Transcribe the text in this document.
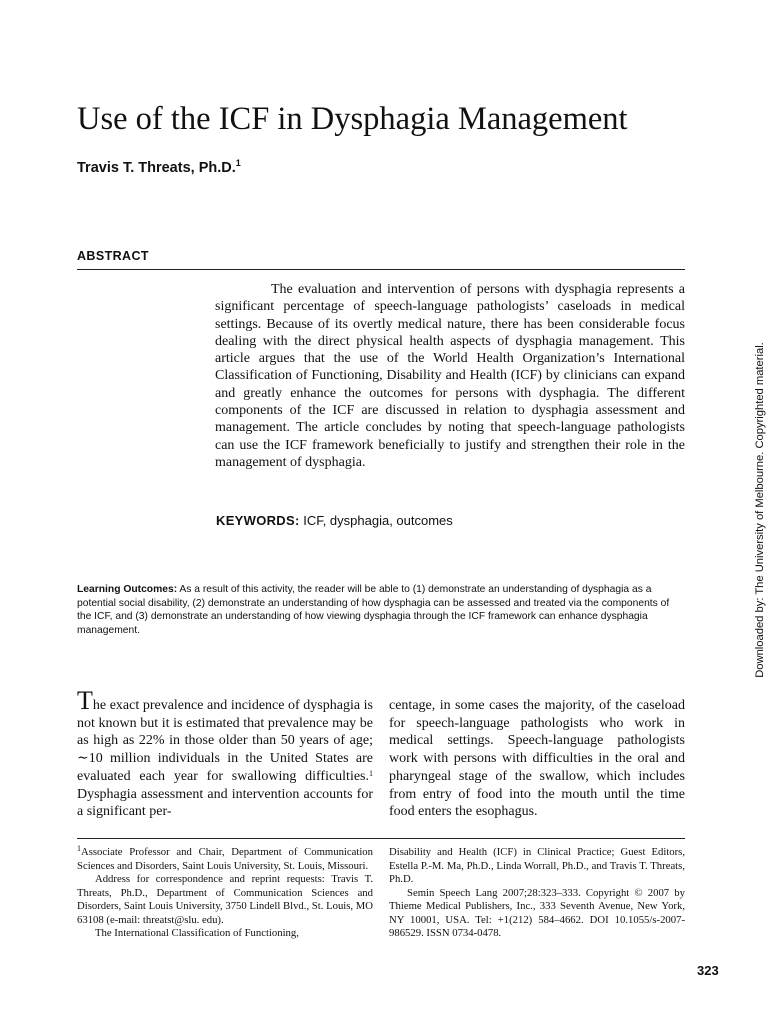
Use of the ICF in Dysphagia Management

Travis T. Threats, Ph.D.$^1$

ABSTRACT

The evaluation and intervention of persons with dysphagia represents a significant percentage of speech-language pathologists’ caseloads in medical settings. Because of its overtly medical nature, there has been considerable focus dealing with the direct physical health aspects of dysphagia management. This article argues that the use of the World Health Organization’s International Classification of Functioning, Disability and Health (ICF) by clinicians can expand and greatly enhance the outcomes for persons with dysphagia. The different components of the ICF are discussed in relation to dysphagia assessment and management. The article concludes by noting that speech-language pathologists can use the ICF framework beneficially to justify and strengthen their role in the management of dysphagia.

KEYWORDS: ICF, dysphagia, outcomes

Learning Outcomes: As a result of this activity, the reader will be able to (1) demonstrate an understanding of dysphagia as a potential social disability, (2) demonstrate an understanding of how dysphagia can be assessed and treated via the components of the ICF, and (3) demonstrate an understanding of how viewing dysphagia through the ICF framework can enhance dysphagia management.

The exact prevalence and incidence of dysphagia is not known but it is estimated that prevalence may be as high as 22% in those older than 50 years of age; ∼10 million individuals in the United States are evaluated each year for swallowing difficulties.$^1$ Dysphagia assessment and intervention accounts for a significant per-

centage, in some cases the majority, of the caseload for speech-language pathologists who work in medical settings. Speech-language pathologists work with persons with difficulties in the oral and pharyngeal stage of the swallow, which includes from entry of food into the mouth until the time food enters the esophagus.

$^1$Associate Professor and Chair, Department of Communication Sciences and Disorders, Saint Louis University, St. Louis, Missouri.

Address for correspondence and reprint requests: Travis T. Threats, Ph.D., Department of Communication Sciences and Disorders, Saint Louis University, 3750 Lindell Blvd., St. Louis, MO 63108 (e-mail: threatst@slu. edu).

The International Classification of Functioning,

Disability and Health (ICF) in Clinical Practice; Guest Editors, Estella P.-M. Ma, Ph.D., Linda Worrall, Ph.D., and Travis T. Threats, Ph.D.

Semin Speech Lang 2007;28:323–333. Copyright © 2007 by Thieme Medical Publishers, Inc., 333 Seventh Avenue, New York, NY 10001, USA. Tel: +1(212) 584–4662. DOI 10.1055/s-2007-986529. ISSN 0734-0478.

323

Downloaded by: The University of Melbourne. Copyrighted material.
